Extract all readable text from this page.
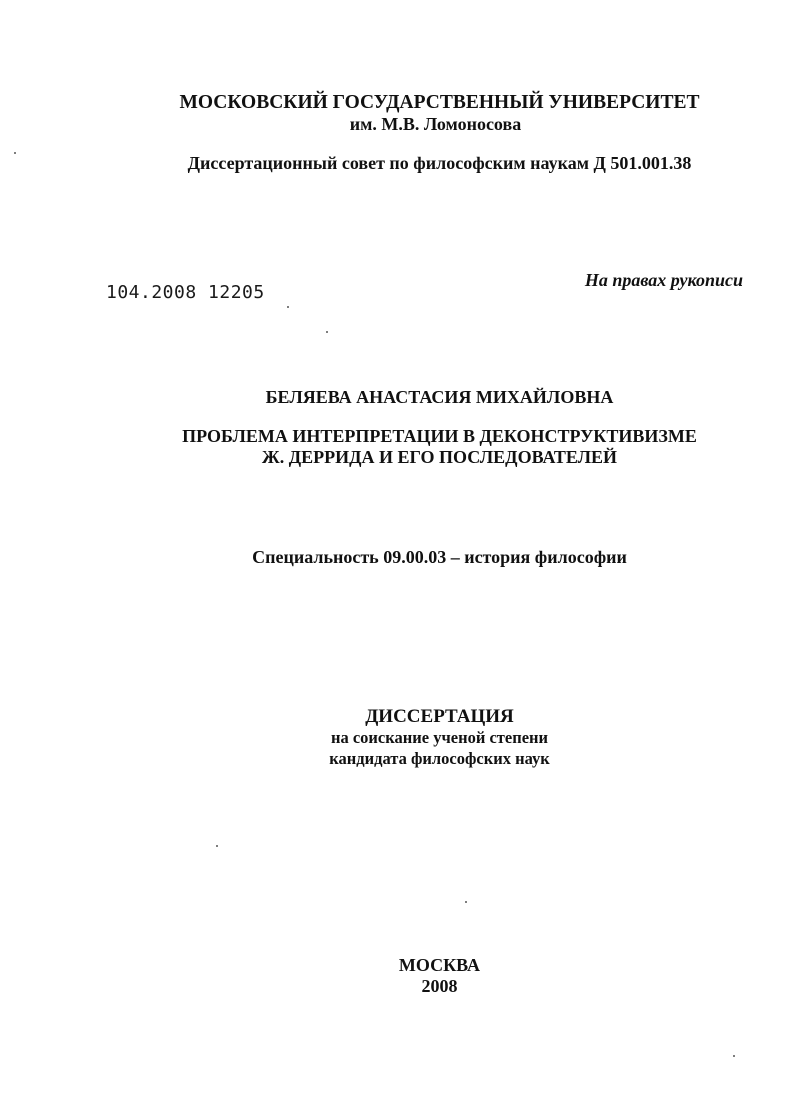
МОСКОВСКИЙ ГОСУДАРСТВЕННЫЙ УНИВЕРСИТЕТ
им. М.В. Ломоносова
Диссертационный совет по философским наукам Д 501.001.38
104.2008 12205
На правах рукописи
БЕЛЯЕВА АНАСТАСИЯ МИХАЙЛОВНА
ПРОБЛЕМА ИНТЕРПРЕТАЦИИ В ДЕКОНСТРУКТИВИЗМЕ
Ж. ДЕРРИДА И ЕГО ПОСЛЕДОВАТЕЛЕЙ
Специальность 09.00.03 – история философии
ДИССЕРТАЦИЯ
на соискание ученой степени
кандидата философских наук
МОСКВА
2008
